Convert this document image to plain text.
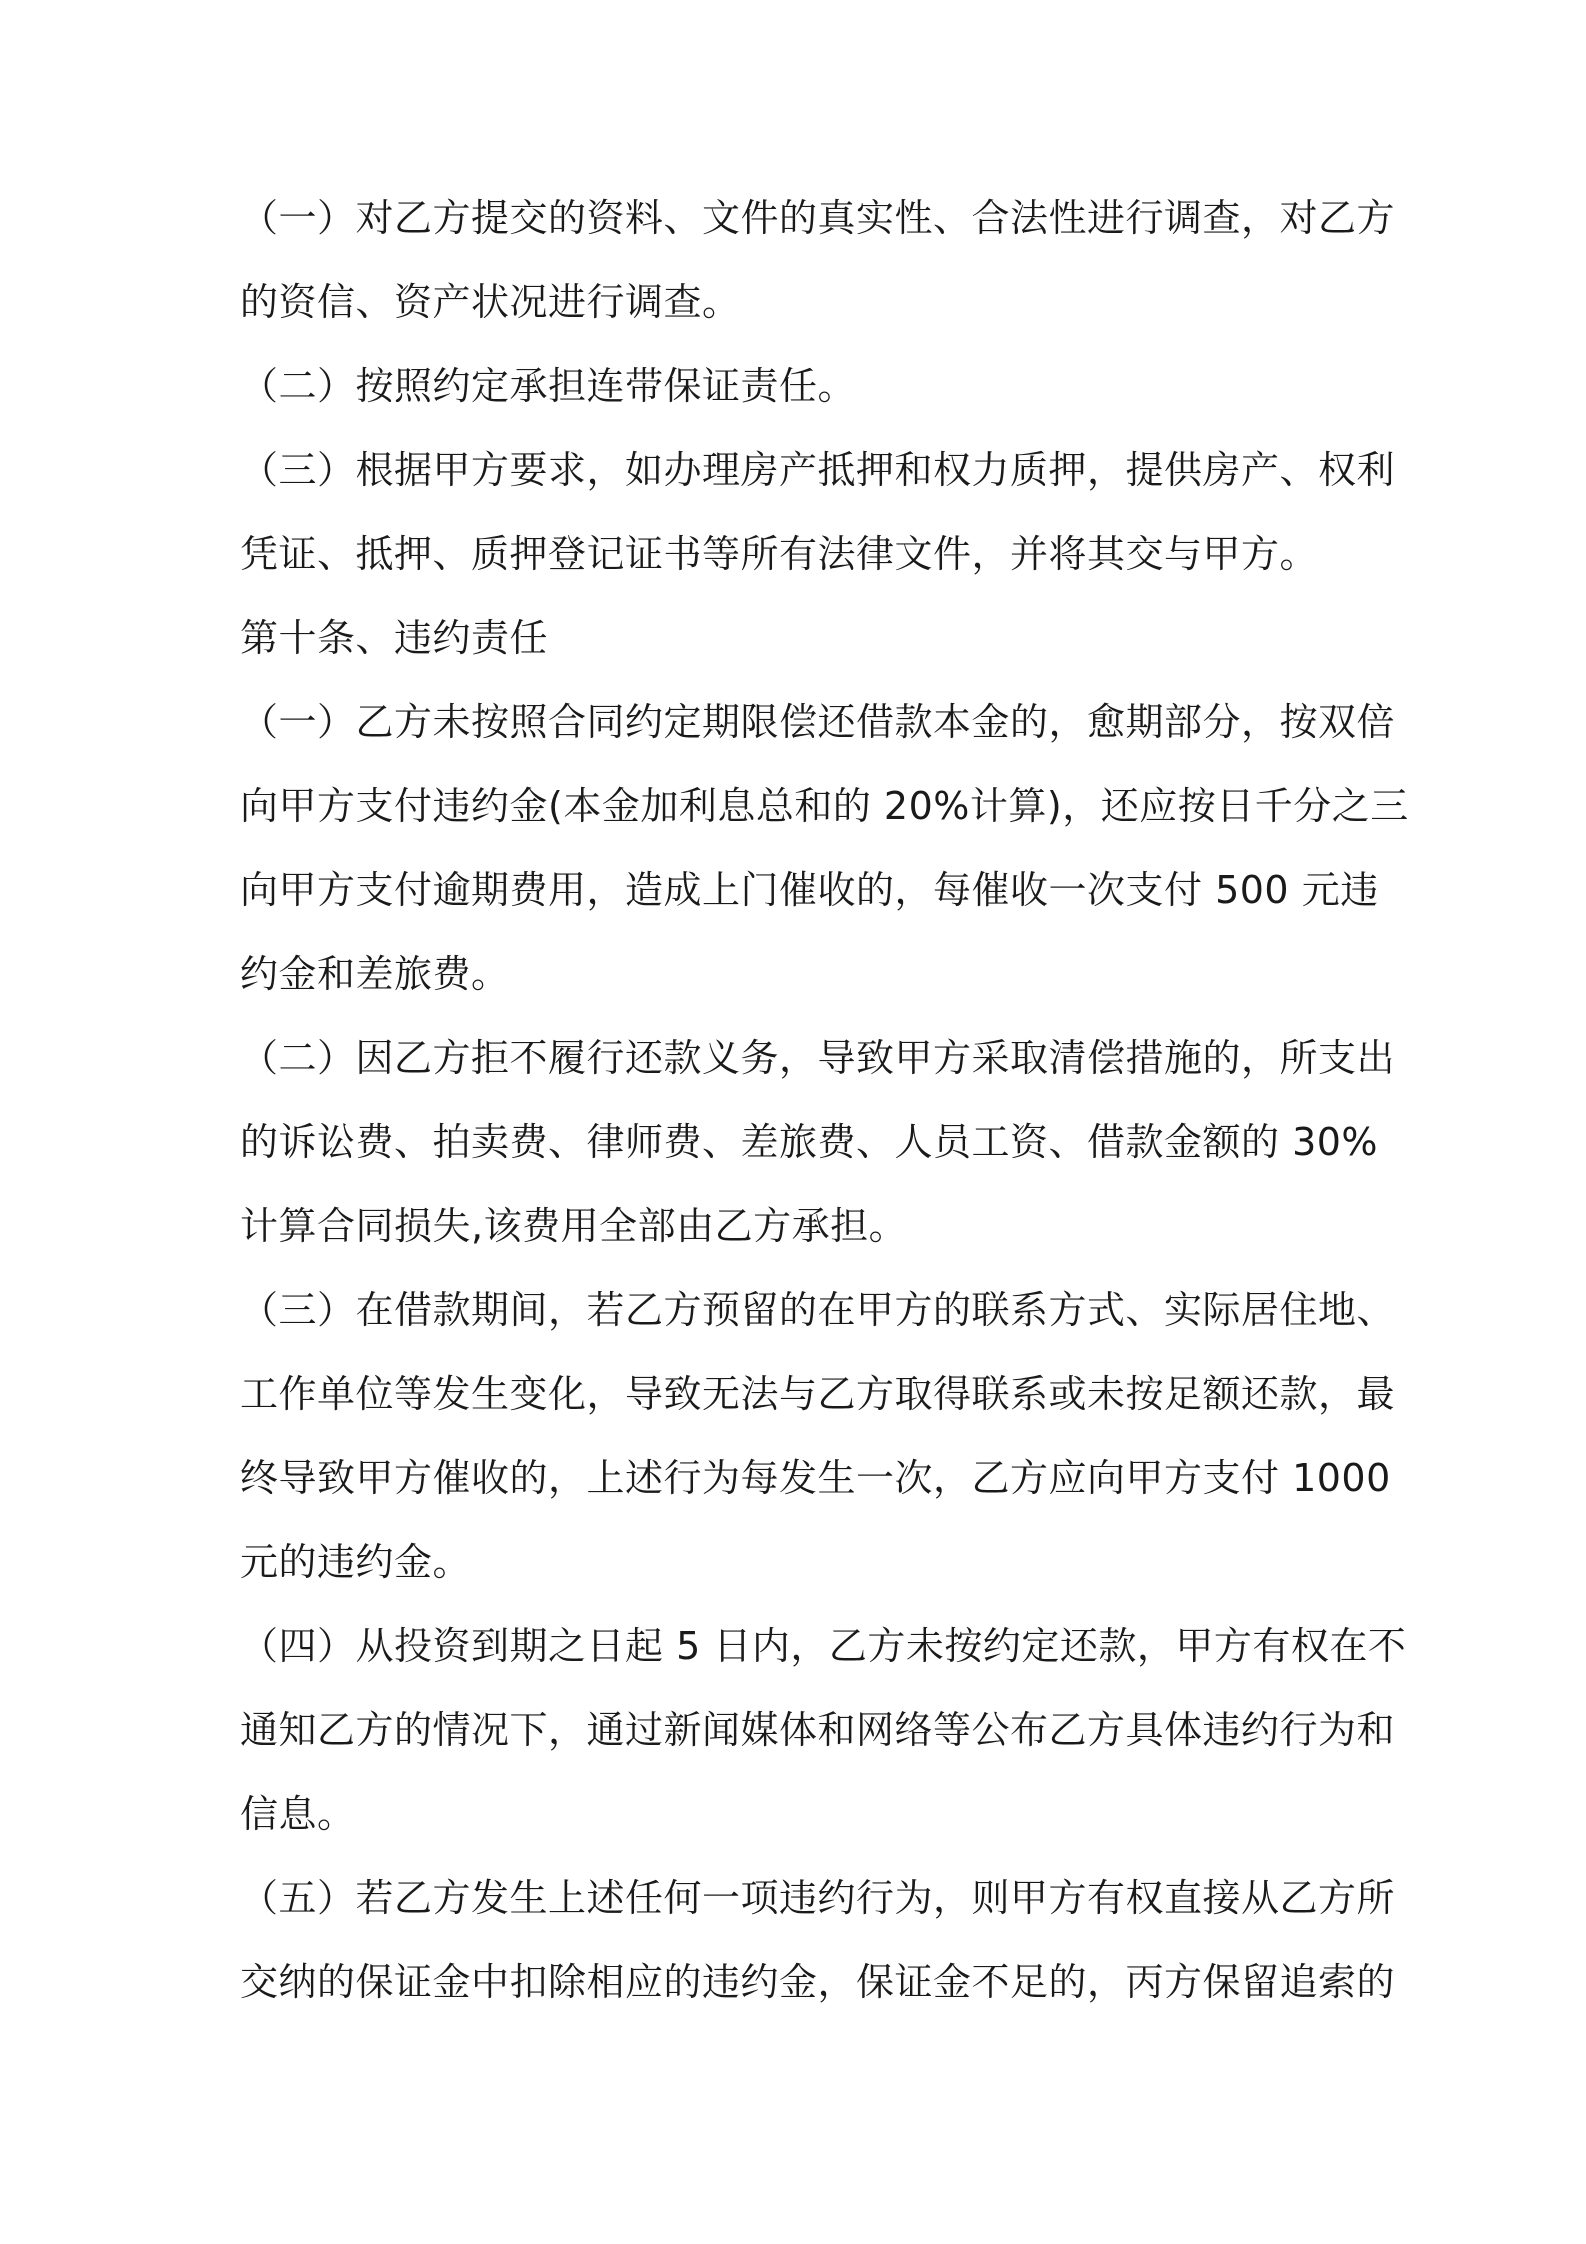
（一）对乙方提交的资料、文件的真实性、合法性进行调查，对乙方
的资信、资产状况进行调查。
（二）按照约定承担连带保证责任。
（三）根据甲方要求，如办理房产抵押和权力质押，提供房产、权利
凭证、抵押、质押登记证书等所有法律文件，并将其交与甲方。
第十条、违约责任
（一）乙方未按照合同约定期限偿还借款本金的，愈期部分，按双倍
向甲方支付违约金(本金加利息总和的 20%计算)，还应按日千分之三
向甲方支付逾期费用，造成上门催收的，每催收一次支付 500 元违
约金和差旅费。
（二）因乙方拒不履行还款义务，导致甲方采取清偿措施的，所支出
的诉讼费、拍卖费、律师费、差旅费、人员工资、借款金额的 30%
计算合同损失,该费用全部由乙方承担。
（三）在借款期间，若乙方预留的在甲方的联系方式、实际居住地、
工作单位等发生变化，导致无法与乙方取得联系或未按足额还款，最
终导致甲方催收的，上述行为每发生一次，乙方应向甲方支付 1000
元的违约金。
（四）从投资到期之日起 5 日内，乙方未按约定还款，甲方有权在不
通知乙方的情况下，通过新闻媒体和网络等公布乙方具体违约行为和
信息。
（五）若乙方发生上述任何一项违约行为，则甲方有权直接从乙方所
交纳的保证金中扣除相应的违约金，保证金不足的，丙方保留追索的
